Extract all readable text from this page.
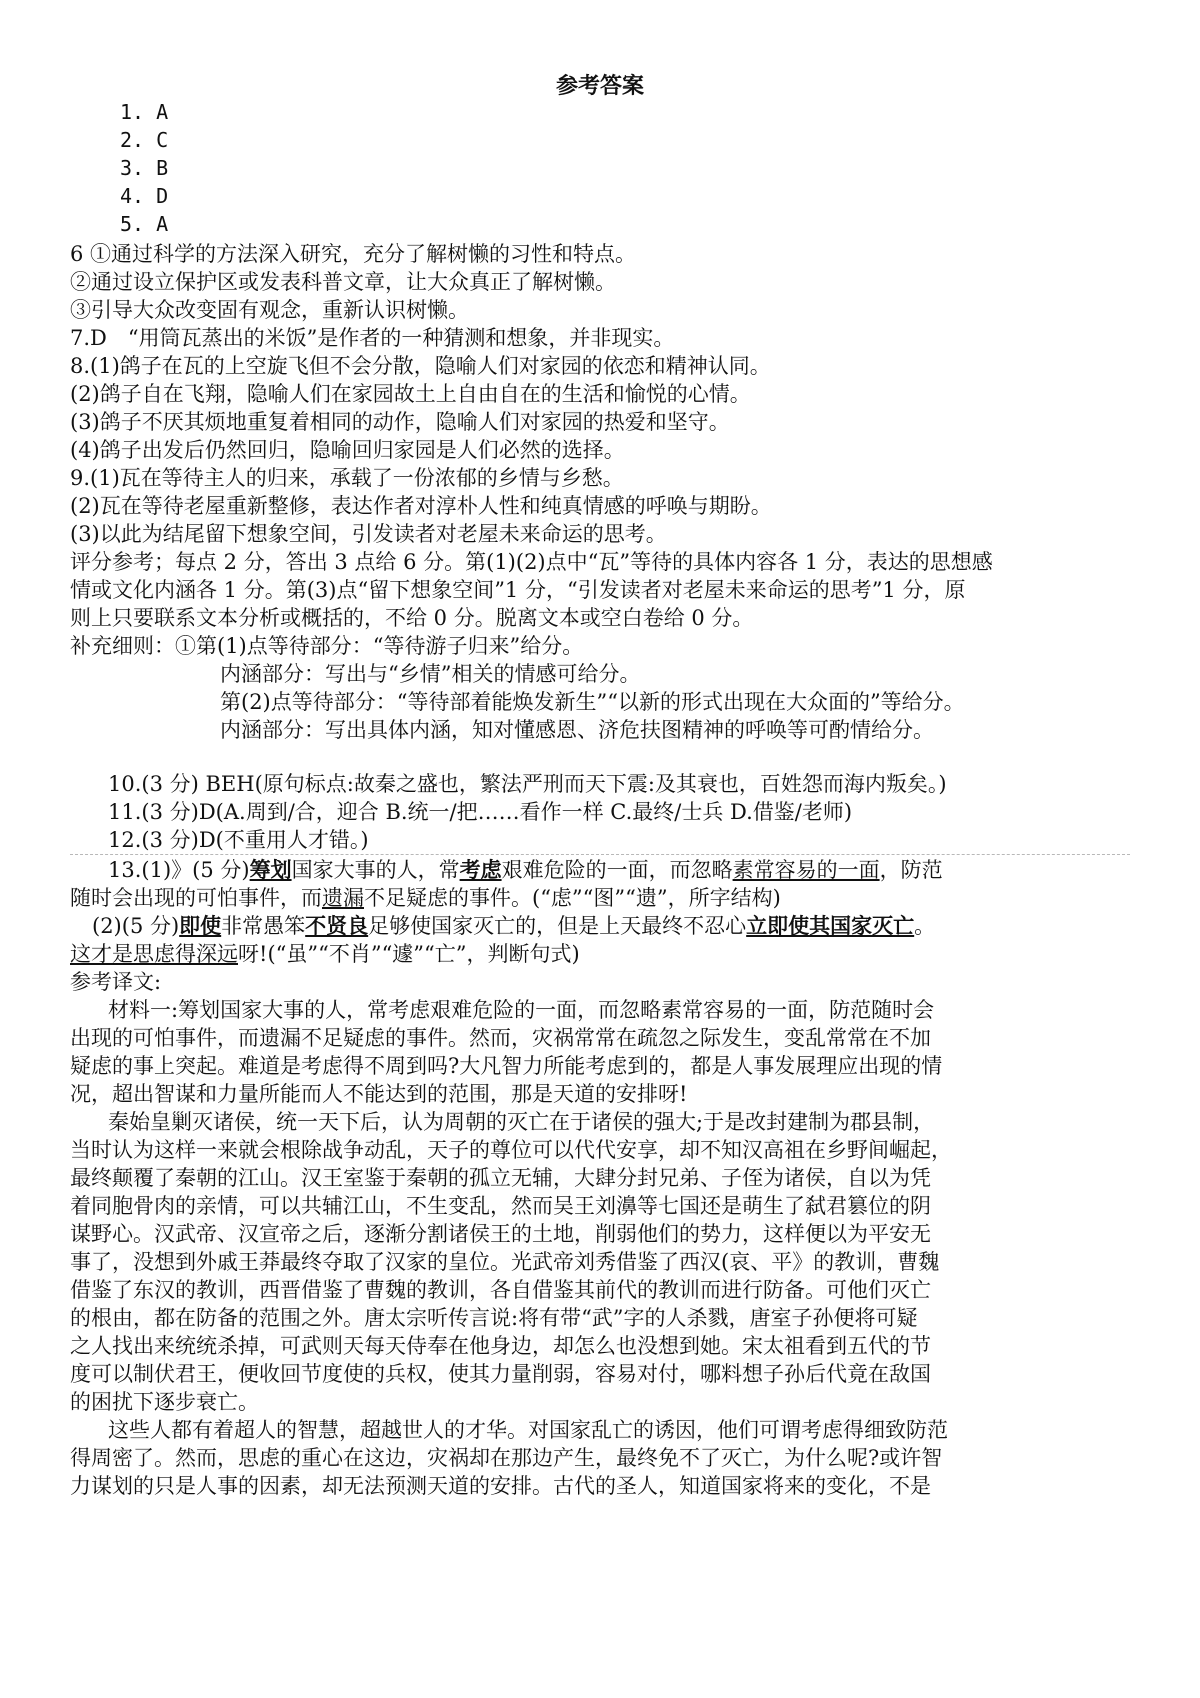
参考答案
1. A
2. C
3. B
4. D
5. A
6 ①通过科学的方法深入研究，充分了解树懒的习性和特点。
②通过设立保护区或发表科普文章，让大众真正了解树懒。
③引导大众改变固有观念，重新认识树懒。
7.D　“用筒瓦蒸出的米饭”是作者的一种猜测和想象，并非现实。
8.(1)鸽子在瓦的上空旋飞但不会分散，隐喻人们对家园的依恋和精神认同。
(2)鸽子自在飞翔，隐喻人们在家园故土上自由自在的生活和愉悦的心情。
(3)鸽子不厌其烦地重复着相同的动作，隐喻人们对家园的热爱和坚守。
(4)鸽子出发后仍然回归，隐喻回归家园是人们必然的选择。
9.(1)瓦在等待主人的归来，承载了一份浓郁的乡情与乡愁。
(2)瓦在等待老屋重新整修，表达作者对淳朴人性和纯真情感的呼唤与期盼。
(3)以此为结尾留下想象空间，引发读者对老屋未来命运的思考。
评分参考；每点 2 分，答出 3 点给 6 分。第(1)(2)点中“瓦”等待的具体内容各 1 分，表达的思想感
情或文化内涵各 1 分。第(3)点“留下想象空间”1 分，“引发读者对老屋未来命运的思考”1 分，原
则上只要联系文本分析或概括的，不给 0 分。脱离文本或空白卷给 0 分。
补充细则：①第(1)点等待部分：“等待游子归来”给分。
内涵部分：写出与“乡情”相关的情感可给分。
第(2)点等待部分：“等待部着能焕发新生”“以新的形式出现在大众面的”等给分。
内涵部分：写出具体内涵，知对懂感恩、济危扶图精神的呼唤等可酌情给分。
10.(3 分) BEH(原句标点:故秦之盛也，繁法严刑而天下震:及其衰也，百姓怨而海内叛矣。)
11.(3 分)D(A.周到/合，迎合 B.统一/把……看作一样 C.最终/士兵 D.借鉴/老师)
12.(3 分)D(不重用人才错。)
13.(1)》(5 分)筹划国家大事的人，常考虑艰难危险的一面，而忽略素常容易的一面，防范
随时会出现的可怕事件，而遗漏不足疑虑的事件。(“虑”“图”“遗”，所字结构)
(2)(5 分)即使非常愚笨不贤良足够使国家灭亡的，但是上天最终不忍心立即使其国家灭亡。
这才是思虑得深远呀!(“虽”“不肖”“遽”“亡”，判断句式)
参考译文:
材料一:筹划国家大事的人，常考虑艰难危险的一面，而忽略素常容易的一面，防范随时会
出现的可怕事件，而遗漏不足疑虑的事件。然而，灾祸常常在疏忽之际发生，变乱常常在不加
疑虑的事上突起。难道是考虑得不周到吗?大凡智力所能考虑到的，都是人事发展理应出现的情
况，超出智谋和力量所能而人不能达到的范围，那是天道的安排呀!
秦始皇剿灭诸侯，统一天下后，认为周朝的灭亡在于诸侯的强大;于是改封建制为郡县制，
当时认为这样一来就会根除战争动乱，天子的尊位可以代代安享，却不知汉高祖在乡野间崛起，
最终颠覆了秦朝的江山。汉王室鉴于秦朝的孤立无辅，大肆分封兄弟、子侄为诸侯，自以为凭
着同胞骨肉的亲情，可以共辅江山，不生变乱，然而吴王刘濞等七国还是萌生了弑君篡位的阴
谋野心。汉武帝、汉宣帝之后，逐渐分割诸侯王的土地，削弱他们的势力，这样便以为平安无
事了，没想到外戚王莽最终夺取了汉家的皇位。光武帝刘秀借鉴了西汉(哀、平》的教训，曹魏
借鉴了东汉的教训，西晋借鉴了曹魏的教训，各自借鉴其前代的教训而进行防备。可他们灭亡
的根由，都在防备的范围之外。唐太宗听传言说:将有带“武”字的人杀戮，唐室子孙便将可疑
之人找出来统统杀掉，可武则天每天侍奉在他身边，却怎么也没想到她。宋太祖看到五代的节
度可以制伏君王，便收回节度使的兵权，使其力量削弱，容易对付，哪料想子孙后代竟在敌国
的困扰下逐步衰亡。
这些人都有着超人的智慧，超越世人的才华。对国家乱亡的诱因，他们可谓考虑得细致防范
得周密了。然而，思虑的重心在这边，灾祸却在那边产生，最终免不了灭亡，为什么呢?或许智
力谋划的只是人事的因素，却无法预测天道的安排。古代的圣人，知道国家将来的变化，不是
